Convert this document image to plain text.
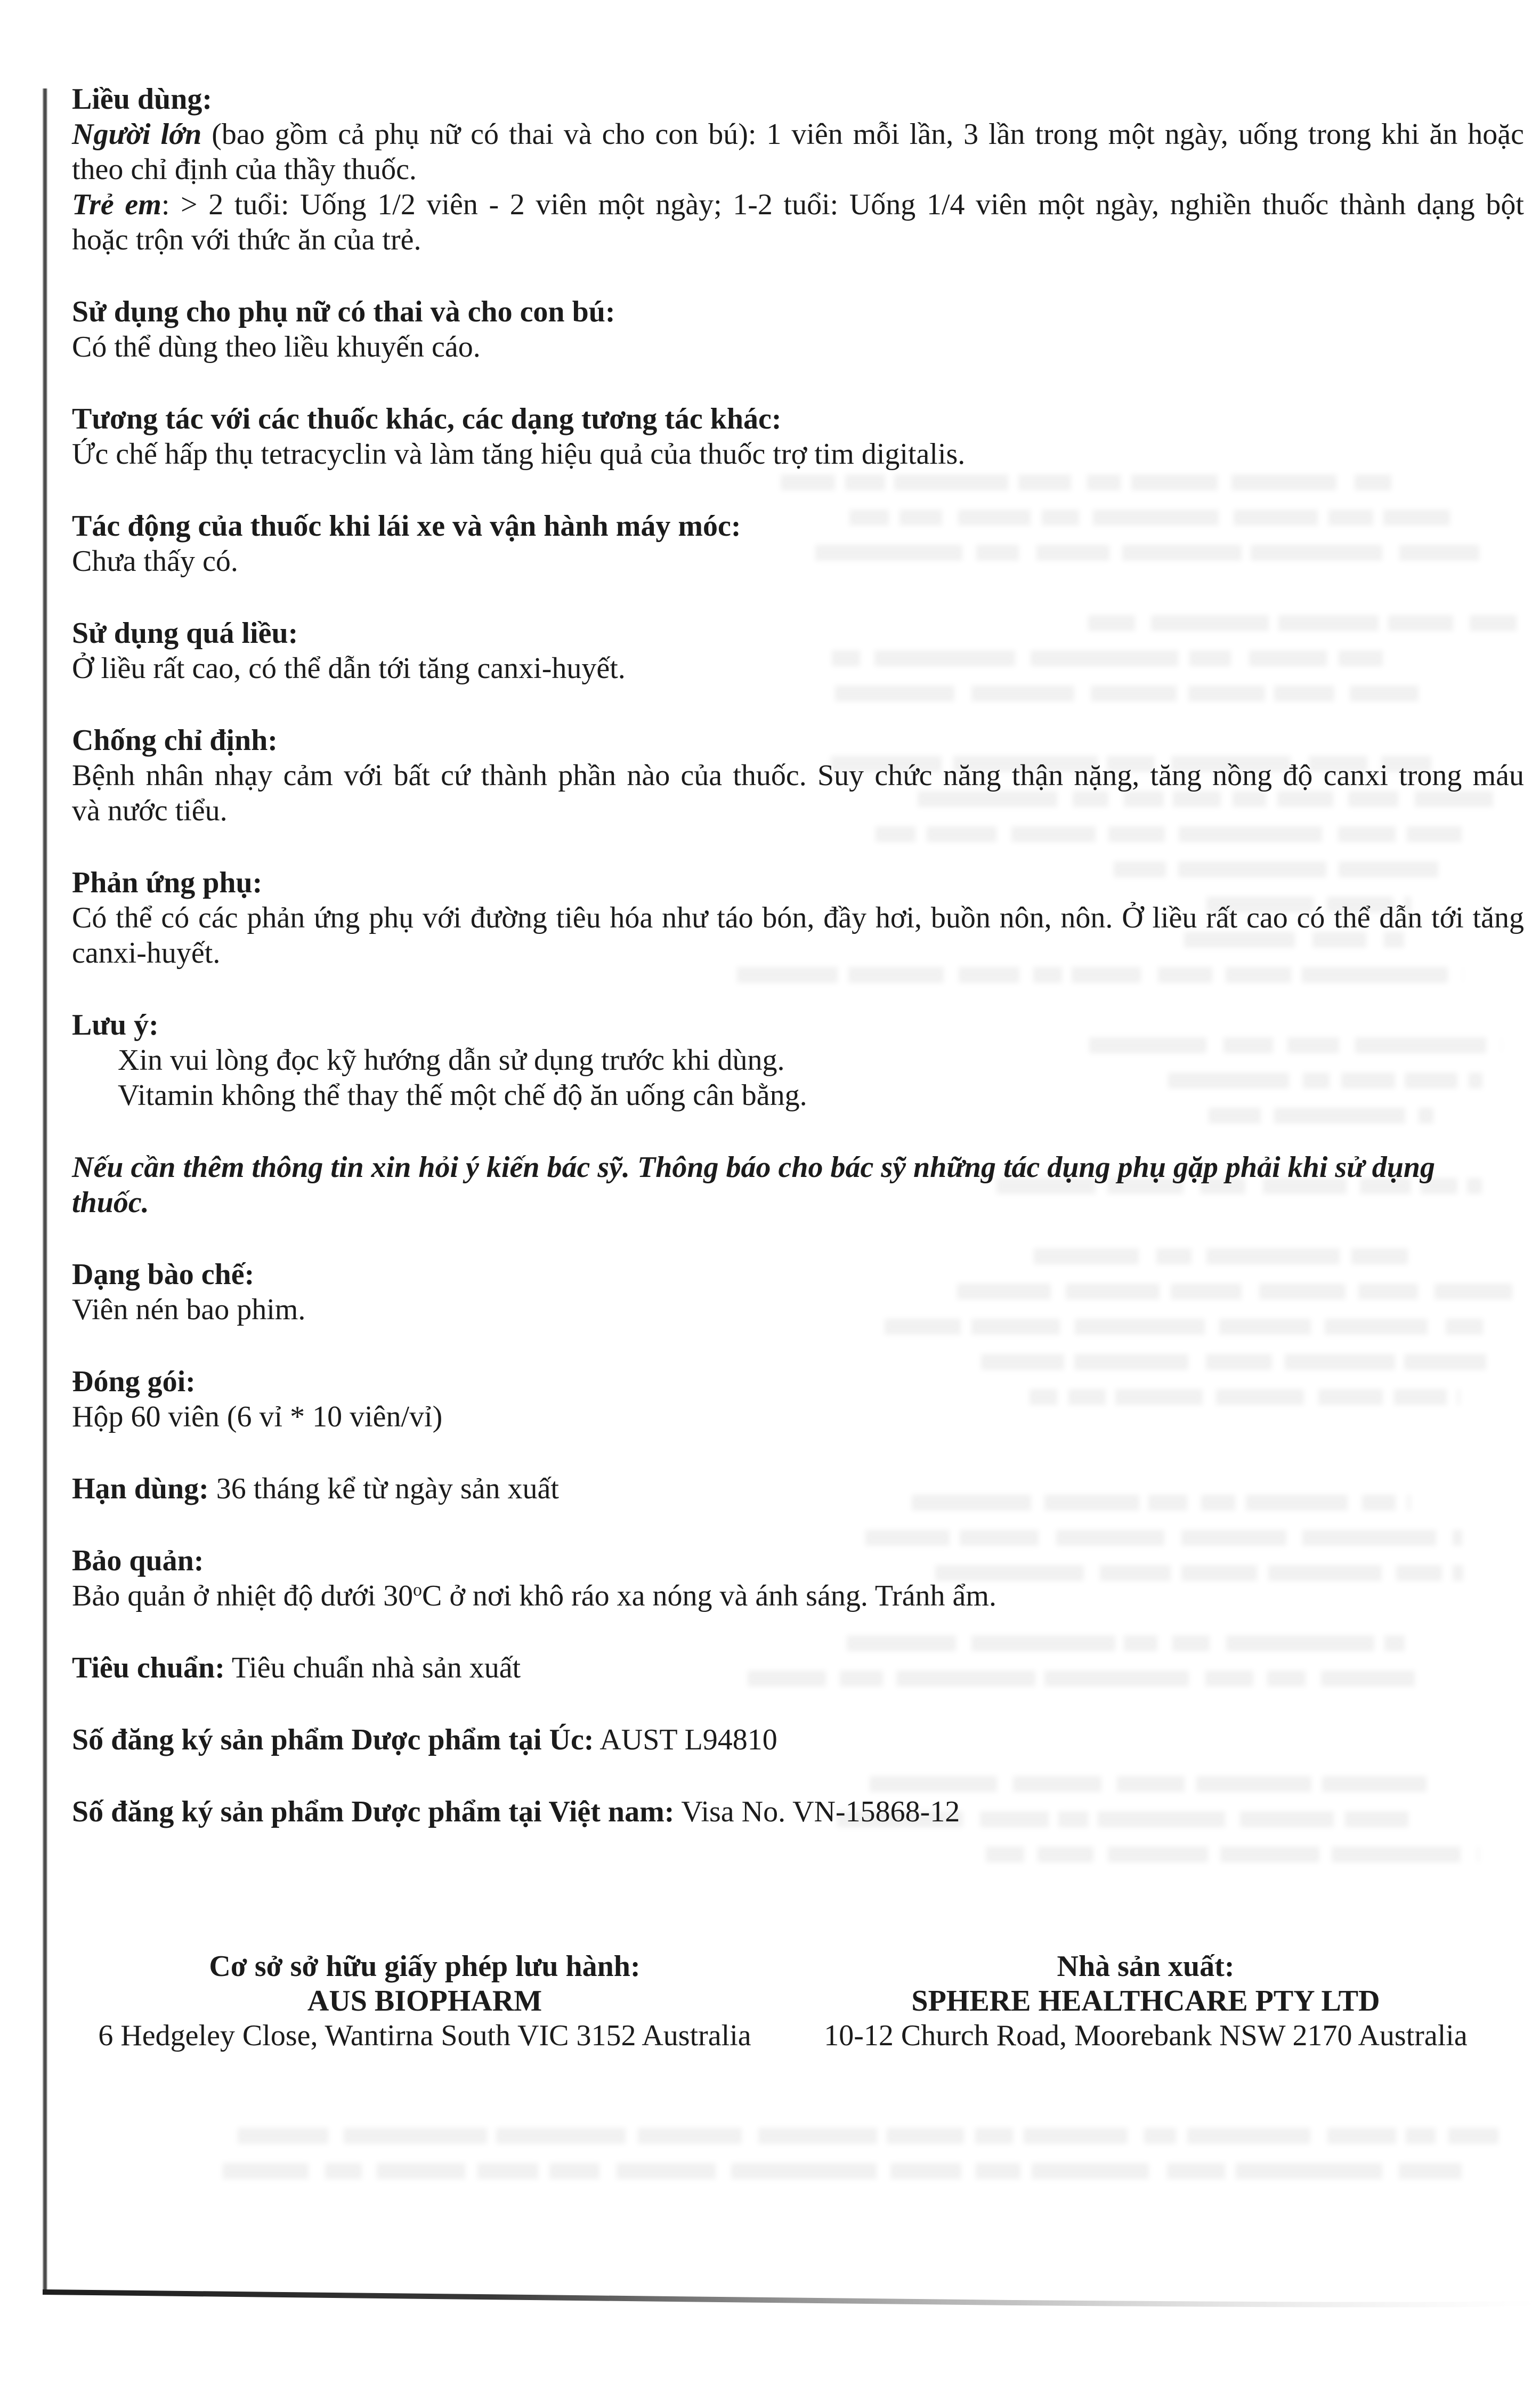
Liều dùng:
Người lớn (bao gồm cả phụ nữ có thai và cho con bú): 1 viên mỗi lần, 3 lần trong một ngày, uống trong khi ăn hoặc
theo chỉ định của thầy thuốc.
Trẻ em: > 2 tuổi: Uống 1/2 viên - 2 viên một ngày; 1-2 tuổi: Uống 1/4 viên một ngày, nghiền thuốc thành dạng bột
hoặc trộn với thức ăn của trẻ.
Sử dụng cho phụ nữ có thai và cho con bú:
Có thể dùng theo liều khuyến cáo.
Tương tác với các thuốc khác, các dạng tương tác khác:
Ức chế hấp thụ tetracyclin và làm tăng hiệu quả của thuốc trợ tim digitalis.
Tác động của thuốc khi lái xe và vận hành máy móc:
Chưa thấy có.
Sử dụng quá liều:
Ở liều rất cao, có thể dẫn tới tăng canxi-huyết.
Chống chỉ định:
Bệnh nhân nhạy cảm với bất cứ thành phần nào của thuốc. Suy chức năng thận nặng, tăng nồng độ canxi trong máu
và nước tiểu.
Phản ứng phụ:
Có thể có các phản ứng phụ với đường tiêu hóa như táo bón, đầy hơi, buồn nôn, nôn. Ở liều rất cao có thể dẫn tới tăng
canxi-huyết.
Lưu ý:
Xin vui lòng đọc kỹ hướng dẫn sử dụng trước khi dùng.
Vitamin không thể thay thế một chế độ ăn uống cân bằng.
Nếu cần thêm thông tin xin hỏi ý kiến bác sỹ. Thông báo cho bác sỹ những tác dụng phụ gặp phải khi sử dụng
thuốc.
Dạng bào chế:
Viên nén bao phim.
Đóng gói:
Hộp 60 viên (6 vỉ * 10 viên/vỉ)
Hạn dùng: 36 tháng kể từ ngày sản xuất
Bảo quản:
Bảo quản ở nhiệt độ dưới 30$^o$C ở nơi khô ráo xa nóng và ánh sáng. Tránh ẩm.
Tiêu chuẩn: Tiêu chuẩn nhà sản xuất
Số đăng ký sản phẩm Dược phẩm tại Úc: AUST L94810
Số đăng ký sản phẩm Dược phẩm tại Việt nam: Visa No. VN-15868-12
Cơ sở sở hữu giấy phép lưu hành:
AUS BIOPHARM
6 Hedgeley Close, Wantirna South VIC 3152 Australia
Nhà sản xuất:
SPHERE HEALTHCARE PTY LTD
10-12 Church Road, Moorebank NSW 2170 Australia
